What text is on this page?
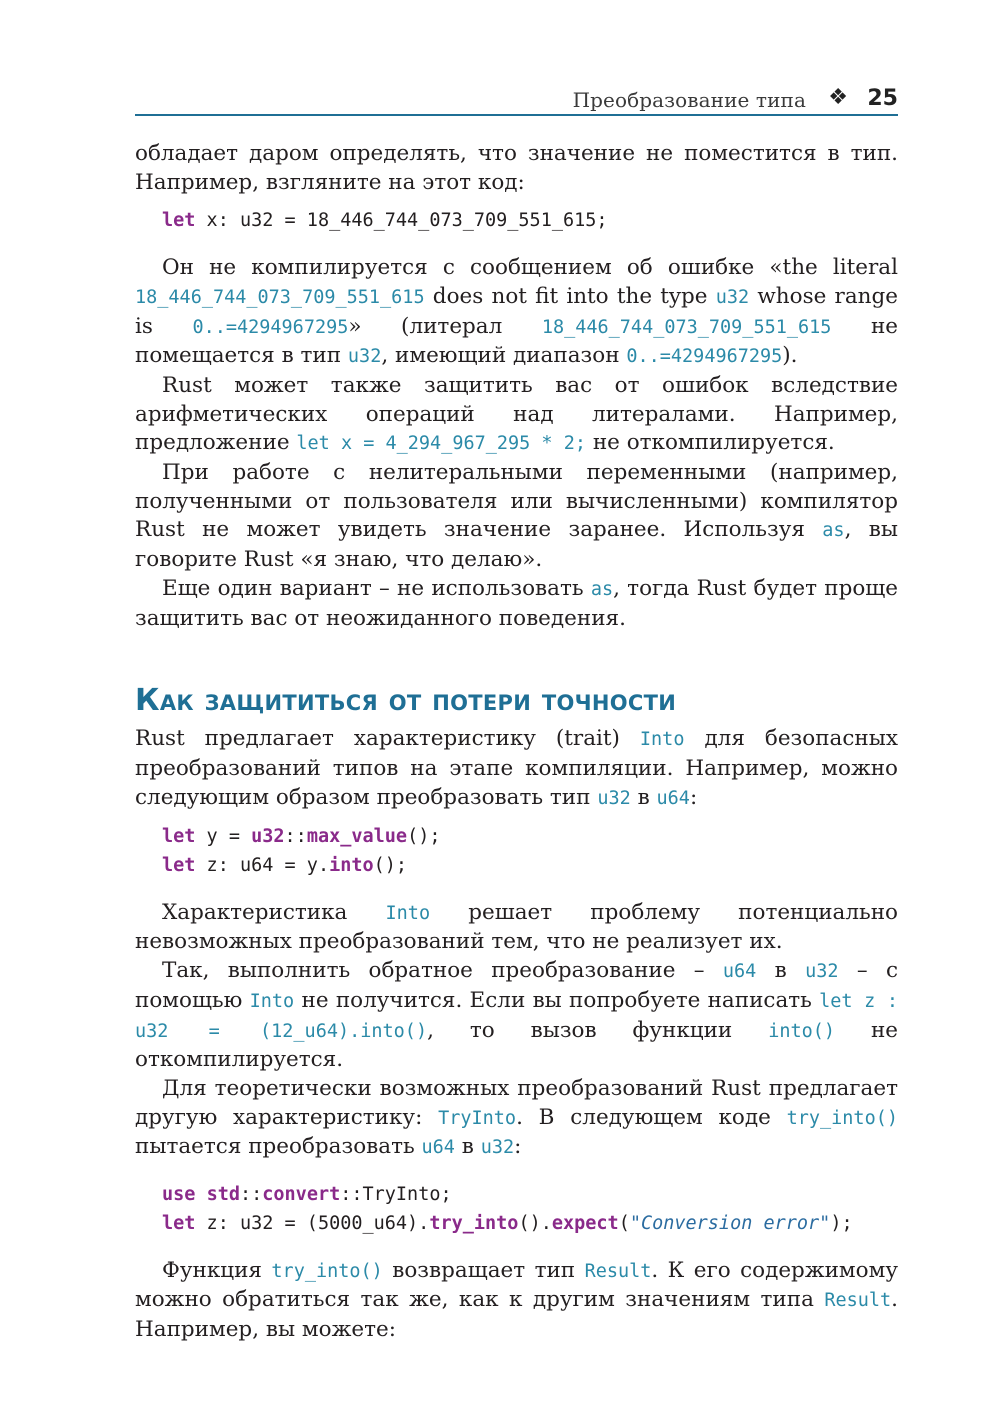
Преобразование типа ❖ 25

обладает даром определять, что значение не поместится в тип. Например, взгляните на этот код:

let x: u32 = 18_446_744_073_709_551_615;

Он не компилируется с сообщением об ошибке «the literal 18_446_744_073_709_551_615 does not fit into the type u32 whose range is 0..=4294967295» (литерал 18_446_744_073_709_551_615 не помещается в тип u32, имеющий диапазон 0..=4294967295).

Rust может также защитить вас от ошибок вследствие арифметических операций над литералами. Например, предложение let x = 4_294_967_295 * 2; не откомпилируется.

При работе с нелитеральными переменными (например, полученными от пользователя или вычисленными) компилятор Rust не может увидеть значение заранее. Используя as, вы говорите Rust «я знаю, что делаю».

Еще один вариант – не использовать as, тогда Rust будет проще защитить вас от неожиданного поведения.

Как защититься от потери точности

Rust предлагает характеристику (trait) Into для безопасных преобразований типов на этапе компиляции. Например, можно следующим образом преобразовать тип u32 в u64:

let y = u32::max_value();
let z: u64 = y.into();

Характеристика Into решает проблему потенциально невозможных преобразований тем, что не реализует их.

Так, выполнить обратное преобразование – u64 в u32 – с помощью Into не получится. Если вы попробуете написать let z : u32 = (12_u64).into(), то вызов функции into() не откомпилируется.

Для теоретически возможных преобразований Rust предлагает другую характеристику: TryInto. В следующем коде try_into() пытается преобразовать u64 в u32:

use std::convert::TryInto;
let z: u32 = (5000_u64).try_into().expect("Conversion error");

Функция try_into() возвращает тип Result. К его содержимому можно обратиться так же, как к другим значениям типа Result. Например, вы можете:
